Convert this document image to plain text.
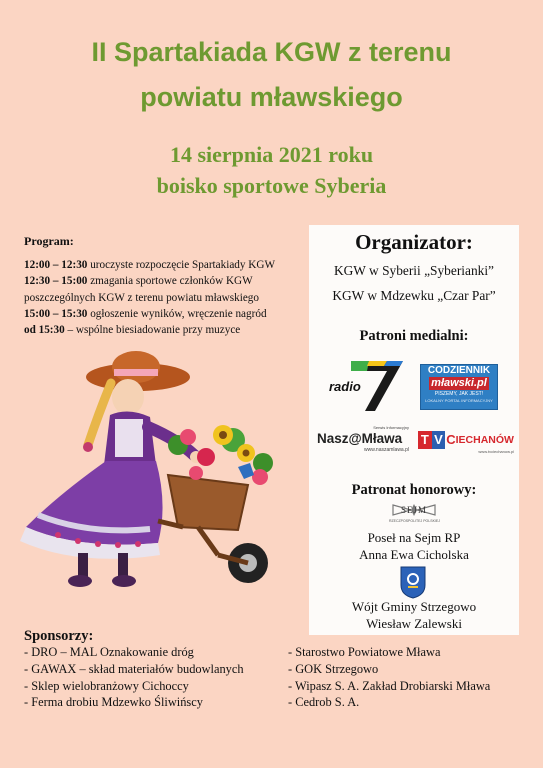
II Spartakiada KGW z terenu
powiatu mławskiego
14 sierpnia 2021 roku
boisko sportowe Syberia
Program:
12:00 – 12:30 uroczyste rozpoczęcie Spartakiady KGW
12:30 – 15:00 zmagania sportowe członków KGW
poszczególnych KGW z terenu powiatu mławskiego
15:00 – 15:30 ogłoszenie wyników, wręczenie nagród
od 15:30 – wspólne biesiadowanie przy muzyce
Organizator:
KGW w Syberii „Syberianki”
KGW w Mdzewku „Czar Par”
Patroni medialni:
radio
CODZIENNIK
mławski.pl
PISZEMY, JAK JEST!
LOKALNY PORTAL INFORMACYJNY
Serwis Informacyjny
Nasz@Mława
www.naszamlawa.pl
T V C IECHANÓW
www.tvciechanow.pl
Patronat honorowy:
SEJM
RZECZPOSPOLITEJ POLSKIEJ
Poseł na Sejm RP
Anna Ewa Cicholska
Wójt Gminy Strzegowo
Wiesław Zalewski
Sponsorzy:
- DRO – MAL Oznakowanie dróg
- GAWAX – skład materiałów budowlanych
- Sklep wielobranżowy Cichoccy
- Ferma drobiu Mdzewko Śliwińscy
- Starostwo Powiatowe Mława
- GOK Strzegowo
- Wipasz S. A. Zakład Drobiarski Mława
- Cedrob S. A.
